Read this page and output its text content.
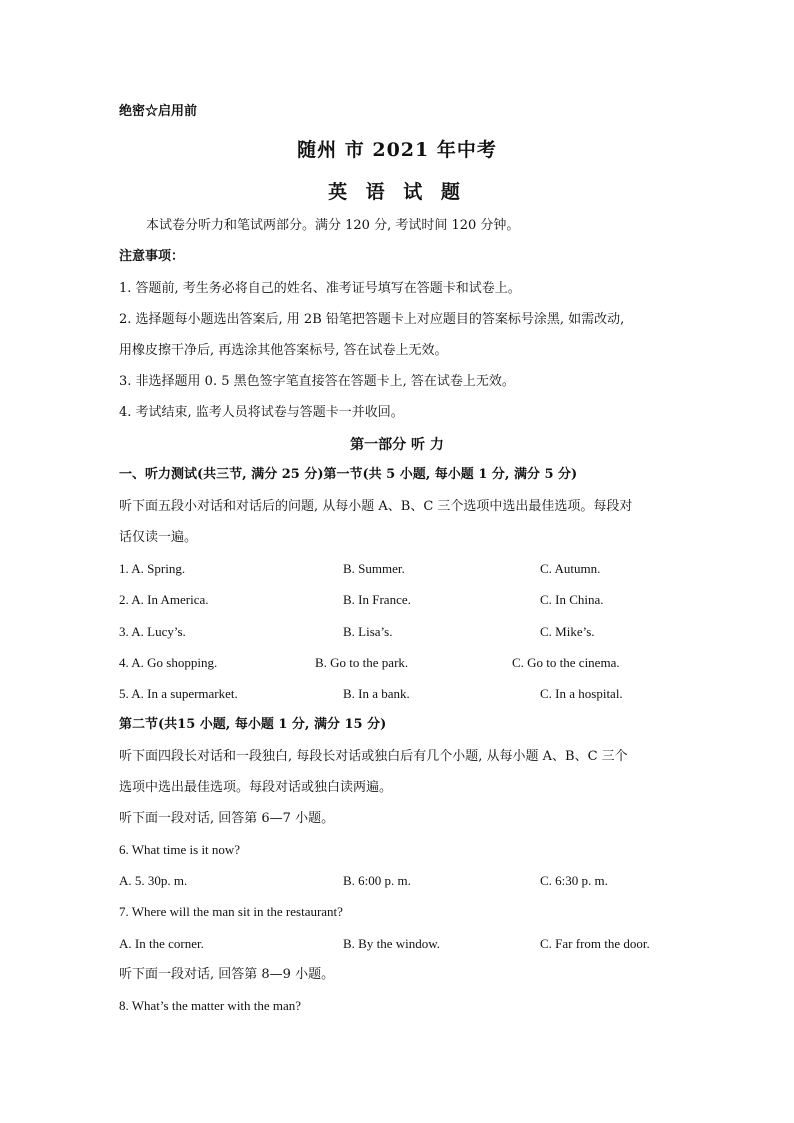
绝密☆启用前
随州 市 2021 年中考
英 语 试 题
本试卷分听力和笔试两部分。满分 120 分, 考试时间 120 分钟。
注意事项：
1. 答题前, 考生务必将自己的姓名、准考证号填写在答题卡和试卷上。
2. 选择题每小题选出答案后, 用 2B 铅笔把答题卡上对应题目的答案标号涂黑, 如需改动,
用橡皮擦干净后, 再选涂其他答案标号, 答在试卷上无效。
3. 非选择题用 0. 5 黑色签字笔直接答在答题卡上, 答在试卷上无效。
4. 考试结束, 监考人员将试卷与答题卡一并收回。
第一部分 听 力
一、听力测试(共三节, 满分 25 分)第一节(共 5 小题, 每小题 1 分, 满分 5 分)
听下面五段小对话和对话后的问题, 从每小题 A、B、C 三个选项中选出最佳选项。每段对
话仅读一遍。
1. A. Spring.	B. Summer.	C. Autumn.
2. A. In America.	B. In France.	C. In China.
3. A. Lucy’s.	B. Lisa’s.	C. Mike’s.
4. A. Go shopping.	B. Go to the park.	C. Go to the cinema.
5. A. In a supermarket.	B. In a bank.	C. In a hospital.
第二节(共15 小题, 每小题 1 分, 满分 15 分)
听下面四段长对话和一段独白, 每段长对话或独白后有几个小题, 从每小题 A、B、C 三个
选项中选出最佳选项。每段对话或独白读两遍。
听下面一段对话, 回答第 6—7 小题。
6. What time is it now?
A. 5. 30p. m.	B. 6:00 p. m.	C. 6:30 p. m.
7. Where will the man sit in the restaurant?
A. In the corner.	B. By the window.	C. Far from the door.
听下面一段对话, 回答第 8—9 小题。
8. What’s the matter with the man?
